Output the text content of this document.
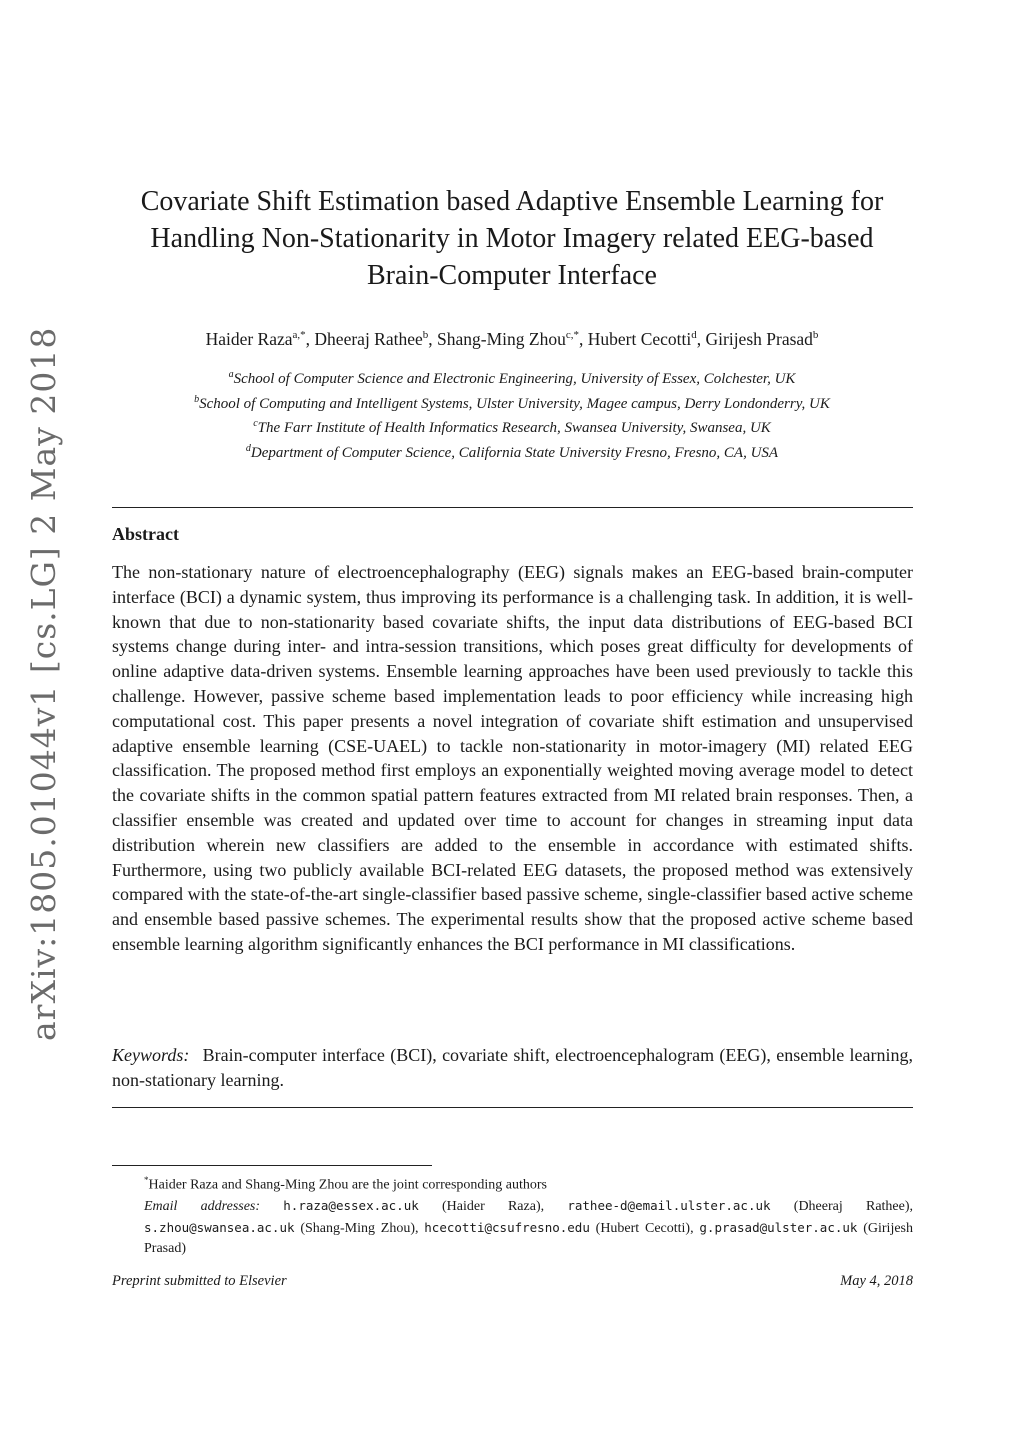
arXiv:1805.01044v1 [cs.LG] 2 May 2018
Covariate Shift Estimation based Adaptive Ensemble Learning for
Handling Non-Stationarity in Motor Imagery related EEG-based
Brain-Computer Interface
Haider Raza$^{a,*}$, Dheeraj Rathee$^b$, Shang-Ming Zhou$^{c,*}$, Hubert Cecotti$^d$, Girijesh Prasad$^b$
$^a$School of Computer Science and Electronic Engineering, University of Essex, Colchester, UK
$^b$School of Computing and Intelligent Systems, Ulster University, Magee campus, Derry Londonderry, UK
$^c$The Farr Institute of Health Informatics Research, Swansea University, Swansea, UK
$^d$Department of Computer Science, California State University Fresno, Fresno, CA, USA
Abstract

The non-stationary nature of electroencephalography (EEG) signals makes an EEG-based brain-computer interface (BCI) a dynamic system, thus improving its performance is a challenging task. In addition, it is well-known that due to non-stationarity based covariate shifts, the input data distributions of EEG-based BCI systems change during inter- and intra-session transitions, which poses great difficulty for developments of online adaptive data-driven systems. Ensemble learning approaches have been used previously to tackle this challenge. However, passive scheme based implementation leads to poor efficiency while increasing high computational cost. This paper presents a novel integration of covariate shift estimation and unsupervised adaptive ensemble learning (CSE-UAEL) to tackle non-stationarity in motor-imagery (MI) related EEG classification. The proposed method first employs an exponentially weighted moving average model to detect the covariate shifts in the common spatial pattern features extracted from MI related brain responses. Then, a classifier ensemble was created and updated over time to account for changes in streaming input data distribution wherein new classifiers are added to the ensemble in accordance with estimated shifts. Furthermore, using two publicly available BCI-related EEG datasets, the proposed method was extensively compared with the state-of-the-art single-classifier based passive scheme, single-classifier based active scheme and ensemble based passive schemes. The experimental results show that the proposed active scheme based ensemble learning algorithm significantly enhances the BCI performance in MI classifications.

Keywords: Brain-computer interface (BCI), covariate shift, electroencephalogram (EEG), ensemble learning, non-stationary learning.

*Haider Raza and Shang-Ming Zhou are the joint corresponding authors
Email addresses: h.raza@essex.ac.uk (Haider Raza), rathee-d@email.ulster.ac.uk (Dheeraj Rathee), s.zhou@swansea.ac.uk (Shang-Ming Zhou), hcecotti@csufresno.edu (Hubert Cecotti), g.prasad@ulster.ac.uk (Girijesh Prasad)
Preprint submitted to Elsevier	May 4, 2018
